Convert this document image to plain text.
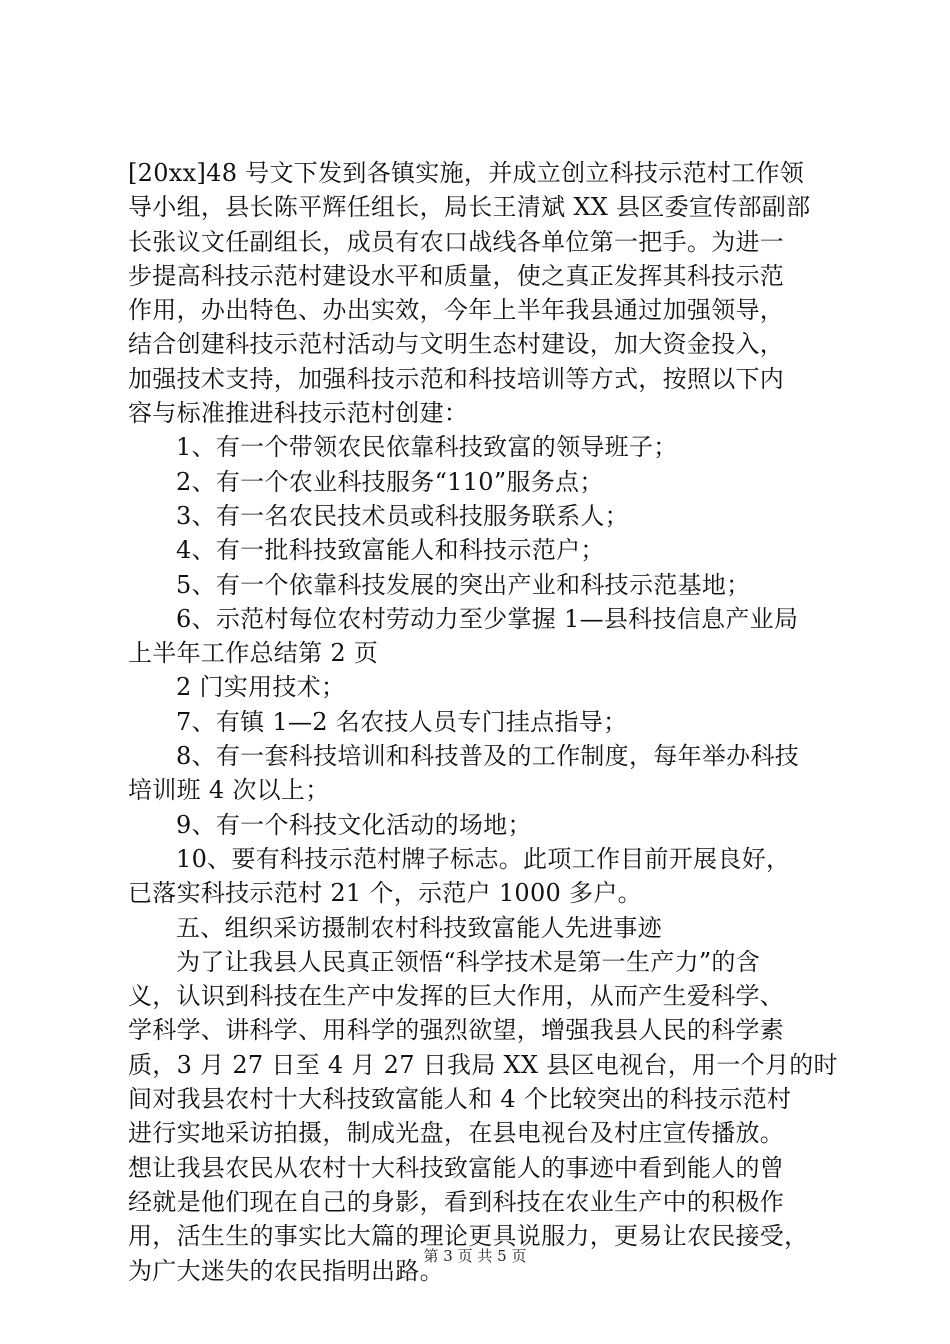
[20xx]48 号文下发到各镇实施，并成立创立科技示范村工作领

导小组，县长陈平辉任组长，局长王清斌 XX 县区委宣传部副部

长张议文任副组长，成员有农口战线各单位第一把手。为进一

步提高科技示范村建设水平和质量，使之真正发挥其科技示范

作用，办出特色、办出实效，今年上半年我县通过加强领导，

结合创建科技示范村活动与文明生态村建设，加大资金投入，

加强技术支持，加强科技示范和科技培训等方式，按照以下内

容与标准推进科技示范村创建：

1、有一个带领农民依靠科技致富的领导班子；

2、有一个农业科技服务“110”服务点；

3、有一名农民技术员或科技服务联系人；

4、有一批科技致富能人和科技示范户；

5、有一个依靠科技发展的突出产业和科技示范基地；

6、示范村每位农村劳动力至少掌握 1—县科技信息产业局

上半年工作总结第 2 页

2 门实用技术；

7、有镇 1—2 名农技人员专门挂点指导；

8、有一套科技培训和科技普及的工作制度，每年举办科技

培训班 4 次以上；

9、有一个科技文化活动的场地；

10、要有科技示范村牌子标志。此项工作目前开展良好，

已落实科技示范村 21 个，示范户 1000 多户。

五、组织采访摄制农村科技致富能人先进事迹

为了让我县人民真正领悟“科学技术是第一生产力”的含

义，认识到科技在生产中发挥的巨大作用，从而产生爱科学、

学科学、讲科学、用科学的强烈欲望，增强我县人民的科学素

质，3 月 27 日至 4 月 27 日我局 XX 县区电视台，用一个月的时

间对我县农村十大科技致富能人和 4 个比较突出的科技示范村

进行实地采访拍摄，制成光盘，在县电视台及村庄宣传播放。

想让我县农民从农村十大科技致富能人的事迹中看到能人的曾

经就是他们现在自己的身影，看到科技在农业生产中的积极作

用，活生生的事实比大篇的理论更具说服力，更易让农民接受，

为广大迷失的农民指明出路。

第 3 页 共 5 页
